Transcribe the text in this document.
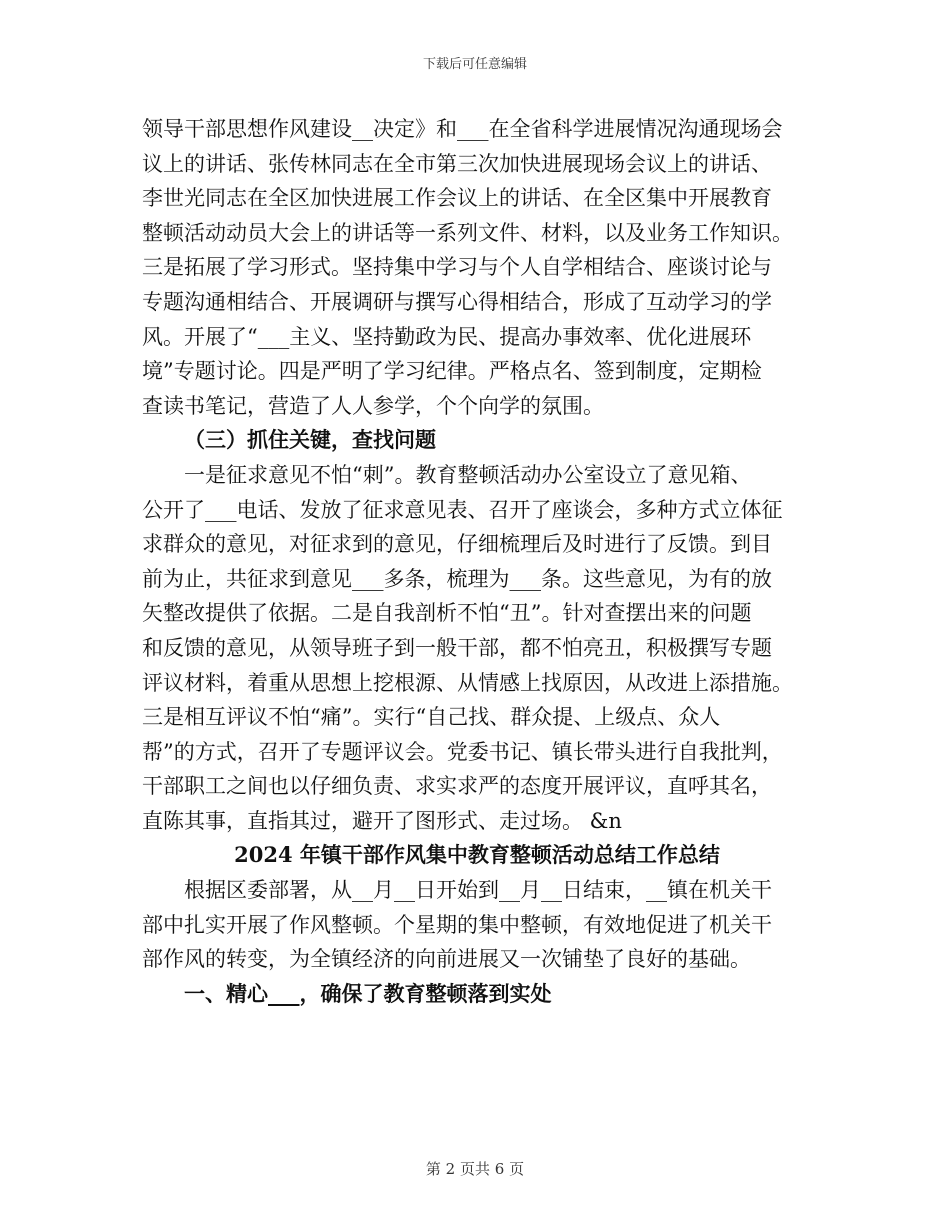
下载后可任意编辑
领导干部思想作风建设__决定》和___在全省科学进展情况沟通现场会
议上的讲话、张传林同志在全市第三次加快进展现场会议上的讲话、
李世光同志在全区加快进展工作会议上的讲话、在全区集中开展教育
整顿活动动员大会上的讲话等一系列文件、材料，以及业务工作知识。
三是拓展了学习形式。坚持集中学习与个人自学相结合、座谈讨论与
专题沟通相结合、开展调研与撰写心得相结合，形成了互动学习的学
风。开展了“___主义、坚持勤政为民、提高办事效率、优化进展环
境”专题讨论。四是严明了学习纪律。严格点名、签到制度，定期检
查读书笔记，营造了人人参学，个个向学的氛围。
（三）抓住关键，查找问题
一是征求意见不怕“刺”。教育整顿活动办公室设立了意见箱、
公开了___电话、发放了征求意见表、召开了座谈会，多种方式立体征
求群众的意见，对征求到的意见，仔细梳理后及时进行了反馈。到目
前为止，共征求到意见___多条，梳理为___条。这些意见，为有的放
矢整改提供了依据。二是自我剖析不怕“丑”。针对查摆出来的问题
和反馈的意见，从领导班子到一般干部，都不怕亮丑，积极撰写专题
评议材料，着重从思想上挖根源、从情感上找原因，从改进上添措施。
三是相互评议不怕“痛”。实行“自己找、群众提、上级点、众人
帮”的方式，召开了专题评议会。党委书记、镇长带头进行自我批判，
干部职工之间也以仔细负责、求实求严的态度开展评议，直呼其名，
直陈其事，直指其过，避开了图形式、走过场。 &n
2024 年镇干部作风集中教育整顿活动总结工作总结
根据区委部署，从__月__日开始到__月__日结束，__镇在机关干
部中扎实开展了作风整顿。个星期的集中整顿，有效地促进了机关干
部作风的转变，为全镇经济的向前进展又一次铺垫了良好的基础。
一、精心___，确保了教育整顿落到实处
第 2 页共 6 页
